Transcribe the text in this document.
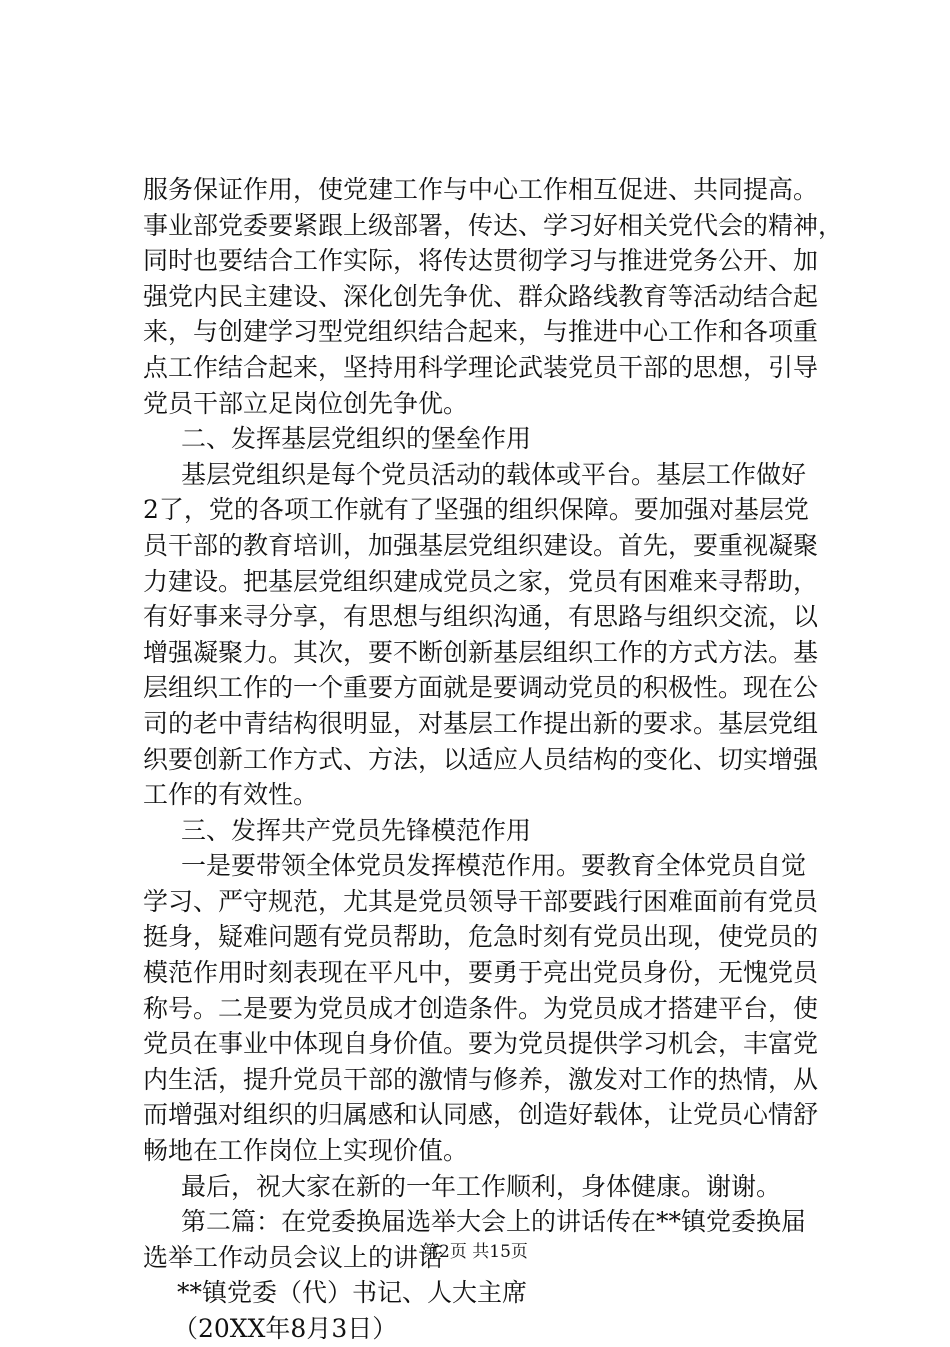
服务保证作用，使党建工作与中心工作相互促进、共同提高。
事业部党委要紧跟上级部署，传达、学习好相关党代会的精神，
同时也要结合工作实际，将传达贯彻学习与推进党务公开、加
强党内民主建设、深化创先争优、群众路线教育等活动结合起
来，与创建学习型党组织结合起来，与推进中心工作和各项重
点工作结合起来，坚持用科学理论武装党员干部的思想，引导
党员干部立足岗位创先争优。
二、发挥基层党组织的堡垒作用
基层党组织是每个党员活动的载体或平台。基层工作做好
2了，党的各项工作就有了坚强的组织保障。要加强对基层党
员干部的教育培训，加强基层党组织建设。首先，要重视凝聚
力建设。把基层党组织建成党员之家，党员有困难来寻帮助，
有好事来寻分享，有思想与组织沟通，有思路与组织交流，以
增强凝聚力。其次，要不断创新基层组织工作的方式方法。基
层组织工作的一个重要方面就是要调动党员的积极性。现在公
司的老中青结构很明显，对基层工作提出新的要求。基层党组
织要创新工作方式、方法，以适应人员结构的变化、切实增强
工作的有效性。
三、发挥共产党员先锋模范作用
一是要带领全体党员发挥模范作用。要教育全体党员自觉
学习、严守规范，尤其是党员领导干部要践行困难面前有党员
挺身，疑难问题有党员帮助，危急时刻有党员出现，使党员的
模范作用时刻表现在平凡中，要勇于亮出党员身份，无愧党员
称号。二是要为党员成才创造条件。为党员成才搭建平台，使
党员在事业中体现自身价值。要为党员提供学习机会，丰富党
内生活，提升党员干部的激情与修养，激发对工作的热情，从
而增强对组织的归属感和认同感，创造好载体，让党员心情舒
畅地在工作岗位上实现价值。
最后，祝大家在新的一年工作顺利，身体健康。谢谢。
第二篇：在党委换届选举大会上的讲话传在**镇党委换届
选举工作动员会议上的讲话
**镇党委（代）书记、人大主席
（20XX年8月3日）
第2页 共15页
